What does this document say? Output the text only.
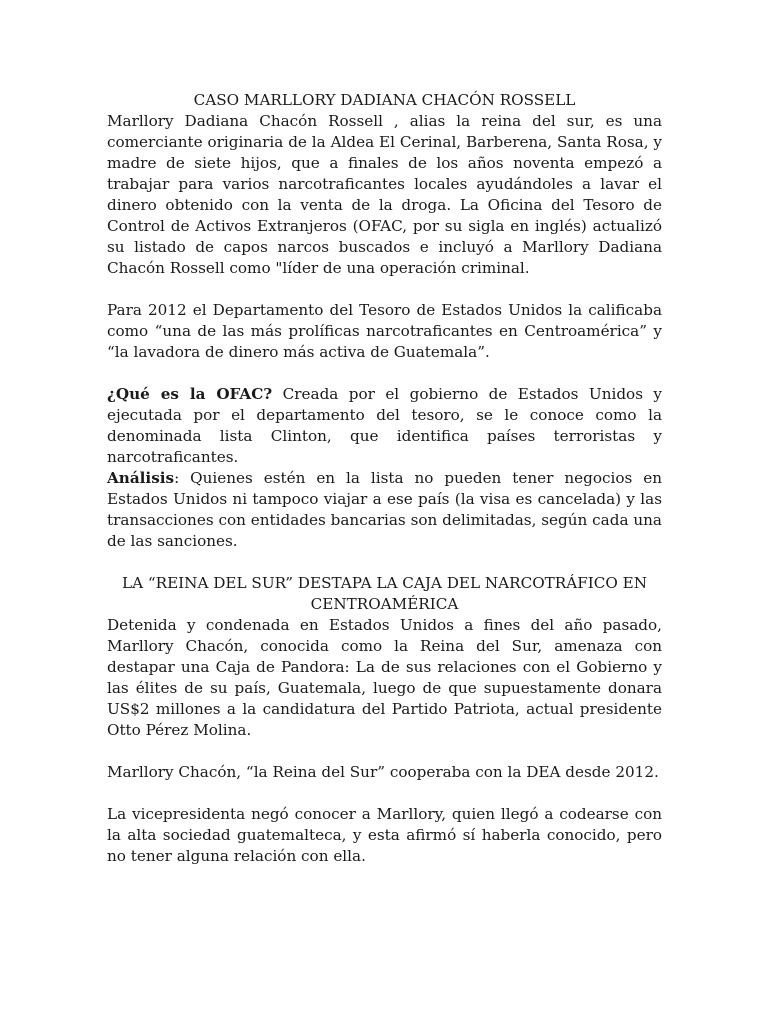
CASO MARLLORY DADIANA CHACÓN ROSSELL

Marllory Dadiana Chacón Rossell , alias la reina del sur, es una comerciante originaria de la Aldea El Cerinal, Barberena, Santa Rosa, y madre de siete hijos, que a finales de los años noventa empezó a trabajar para varios narcotraficantes locales ayudándoles a lavar el dinero obtenido con la venta de la droga. La Oficina del Tesoro de Control de Activos Extranjeros (OFAC, por su sigla en inglés) actualizó su listado de capos narcos buscados e incluyó a Marllory Dadiana Chacón Rossell como "líder de una operación criminal.

Para 2012 el Departamento del Tesoro de Estados Unidos la calificaba como “una de las más prolíficas narcotraficantes en Centroamérica” y “la lavadora de dinero más activa de Guatemala”.

¿Qué es la OFAC? Creada por el gobierno de Estados Unidos y ejecutada por el departamento del tesoro, se le conoce como la denominada lista Clinton, que identifica países terroristas y narcotraficantes.

Análisis: Quienes estén en la lista no pueden tener negocios en Estados Unidos ni tampoco viajar a ese país (la visa es cancelada) y las transacciones con entidades bancarias son delimitadas, según cada una de las sanciones.

LA “REINA DEL SUR” DESTAPA LA CAJA DEL NARCOTRÁFICO EN CENTROAMÉRICA

Detenida y condenada en Estados Unidos a fines del año pasado, Marllory Chacón, conocida como la Reina del Sur, amenaza con destapar una Caja de Pandora: La de sus relaciones con el Gobierno y las élites de su país, Guatemala, luego de que supuestamente donara US$2 millones a la candidatura del Partido Patriota, actual presidente Otto Pérez Molina.

Marllory Chacón, “la Reina del Sur” cooperaba con la DEA desde 2012.

La vicepresidenta negó conocer a Marllory, quien llegó a codearse con la alta sociedad guatemalteca, y esta afirmó sí haberla conocido, pero no tener alguna relación con ella.
